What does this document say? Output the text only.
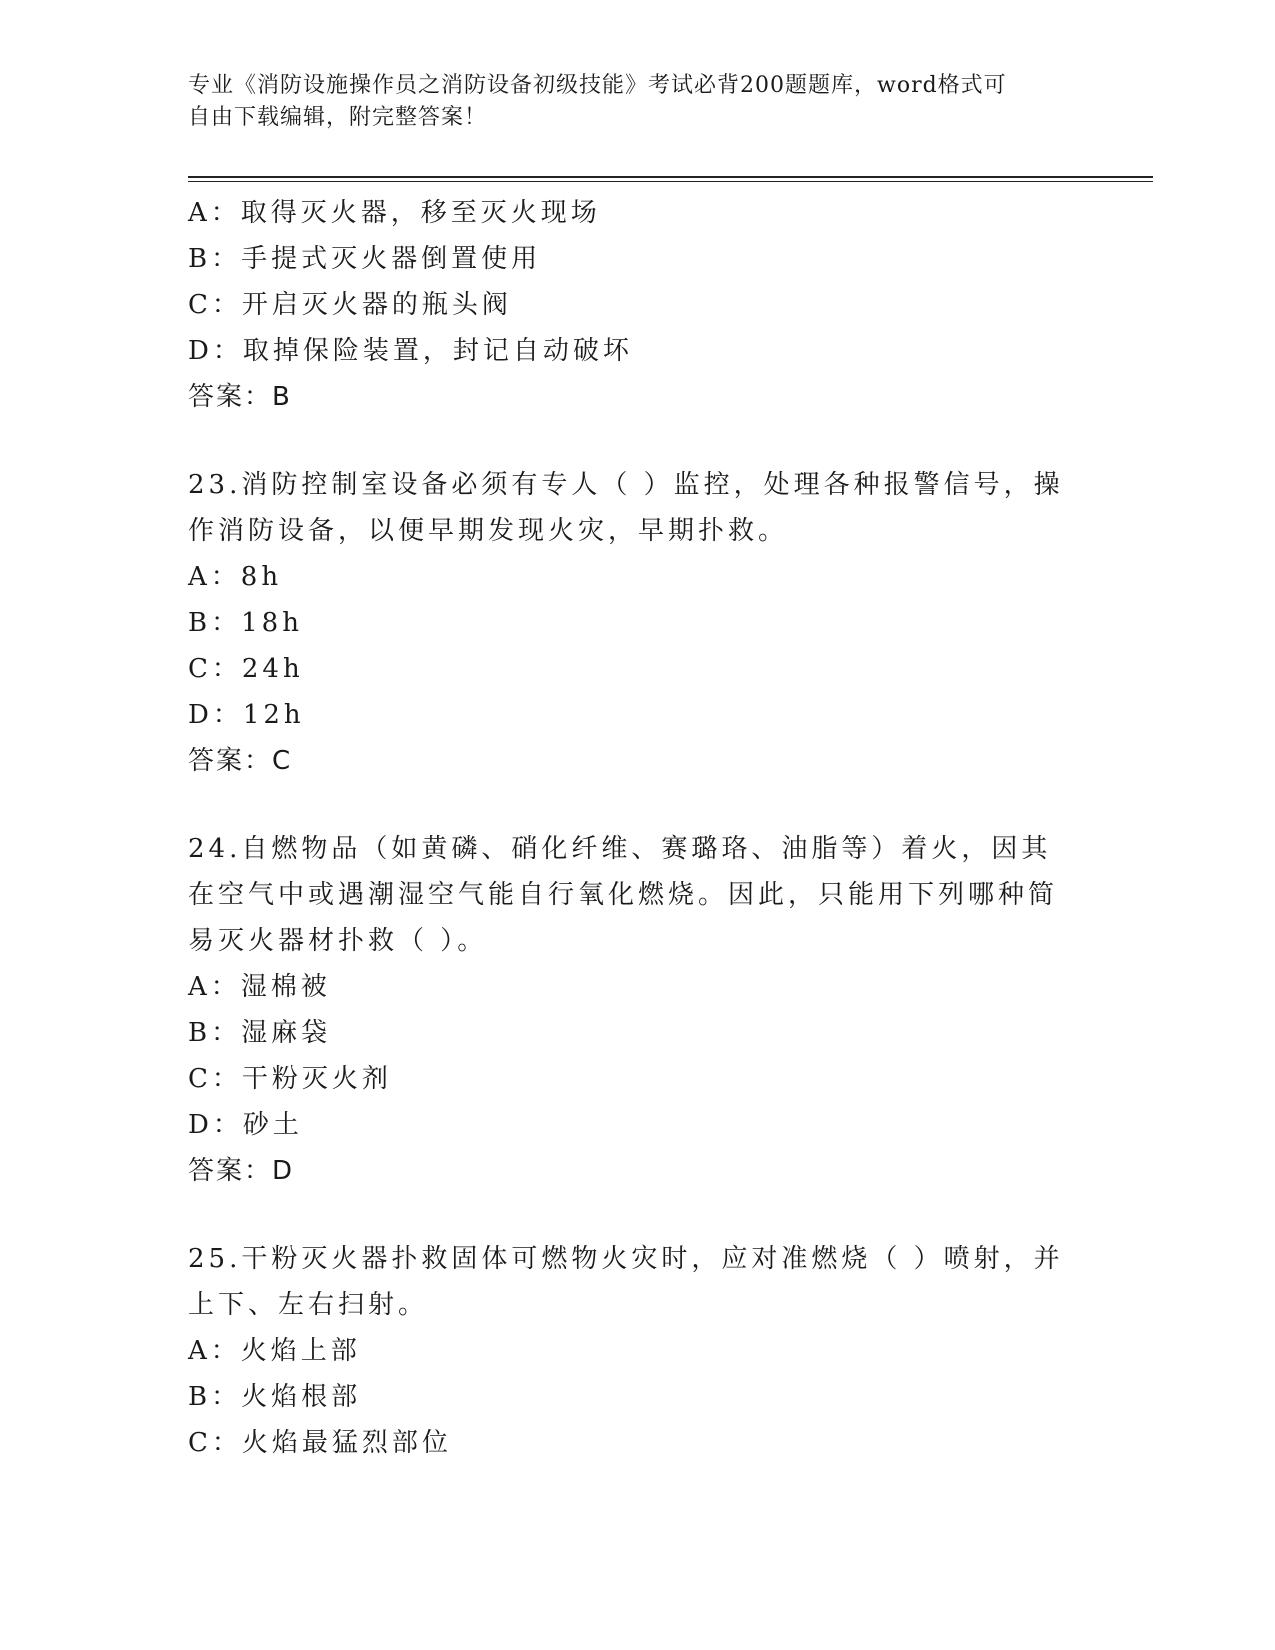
专业《消防设施操作员之消防设备初级技能》考试必背200题题库，word格式可
自由下载编辑，附完整答案！
A：取得灭火器，移至灭火现场
B：手提式灭火器倒置使用
C：开启灭火器的瓶头阀
D：取掉保险装置，封记自动破坏
答案：B
23.消防控制室设备必须有专人（ ）监控，处理各种报警信号，操作消防设备，以便早期发现火灾，早期扑救。
A：8h
B：18h
C：24h
D：12h
答案：C
24.自燃物品（如黄磷、硝化纤维、赛璐珞、油脂等）着火，因其在空气中或遇潮湿空气能自行氧化燃烧。因此，只能用下列哪种简易灭火器材扑救（ ）。
A：湿棉被
B：湿麻袋
C：干粉灭火剂
D：砂土
答案：D
25.干粉灭火器扑救固体可燃物火灾时，应对准燃烧（ ）喷射，并上下、左右扫射。
A：火焰上部
B：火焰根部
C：火焰最猛烈部位
